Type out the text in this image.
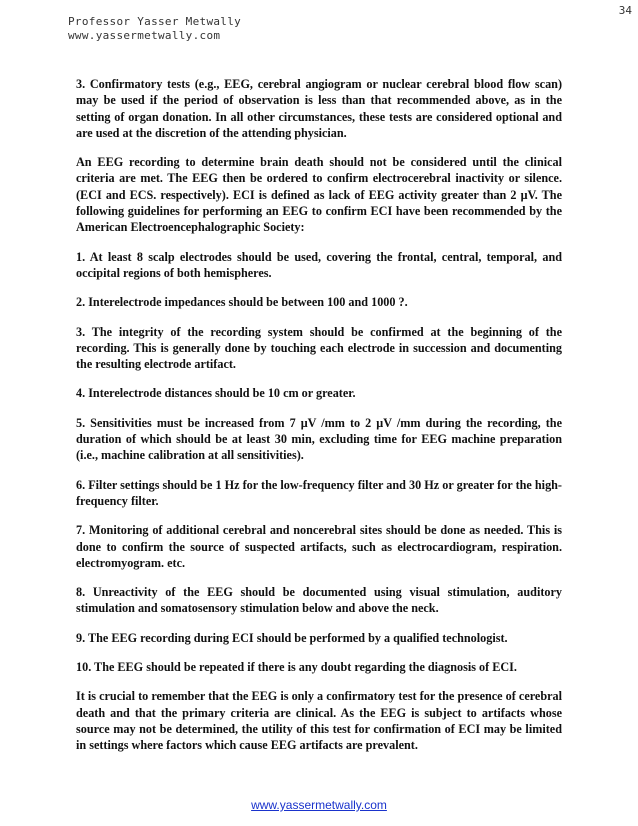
34
Professor Yasser Metwally
www.yassermetwally.com

3. Confirmatory tests (e.g., EEG, cerebral angiogram or nuclear cerebral blood flow scan) may be used if the period of observation is less than that recommended above, as in the setting of organ donation. In all other circumstances, these tests are considered optional and are used at the discretion of the attending physician.

An EEG recording to determine brain death should not be considered until the clinical criteria are met. The EEG then be ordered to confirm electrocerebral inactivity or silence. (ECI and ECS. respectively). ECI is defined as lack of EEG activity greater than 2 μV. The following guidelines for performing an EEG to confirm ECI have been recommended by the American Electroencephalographic Society:

1. At least 8 scalp electrodes should be used, covering the frontal, central, temporal, and occipital regions of both hemispheres.

2. Interelectrode impedances should be between 100 and 1000 ?.

3. The integrity of the recording system should be confirmed at the beginning of the recording. This is generally done by touching each electrode in succession and documenting the resulting electrode artifact.

4. Interelectrode distances should be 10 cm or greater.

5. Sensitivities must be increased from 7 μV /mm to 2 μV /mm during the recording, the duration of which should be at least 30 min, excluding time for EEG machine preparation (i.e., machine calibration at all sensitivities).

6. Filter settings should be 1 Hz for the low-frequency filter and 30 Hz or greater for the high-frequency filter.

7. Monitoring of additional cerebral and noncerebral sites should be done as needed. This is done to confirm the source of suspected artifacts, such as electrocardiogram, respiration. electromyogram. etc.

8. Unreactivity of the EEG should be documented using visual stimulation, auditory stimulation and somatosensory stimulation below and above the neck.

9. The EEG recording during ECI should be performed by a qualified technologist.

10. The EEG should be repeated if there is any doubt regarding the diagnosis of ECI.

It is crucial to remember that the EEG is only a confirmatory test for the presence of cerebral death and that the primary criteria are clinical. As the EEG is subject to artifacts whose source may not be determined, the utility of this test for confirmation of ECI may be limited in settings where factors which cause EEG artifacts are prevalent.

www.yassermetwally.com
